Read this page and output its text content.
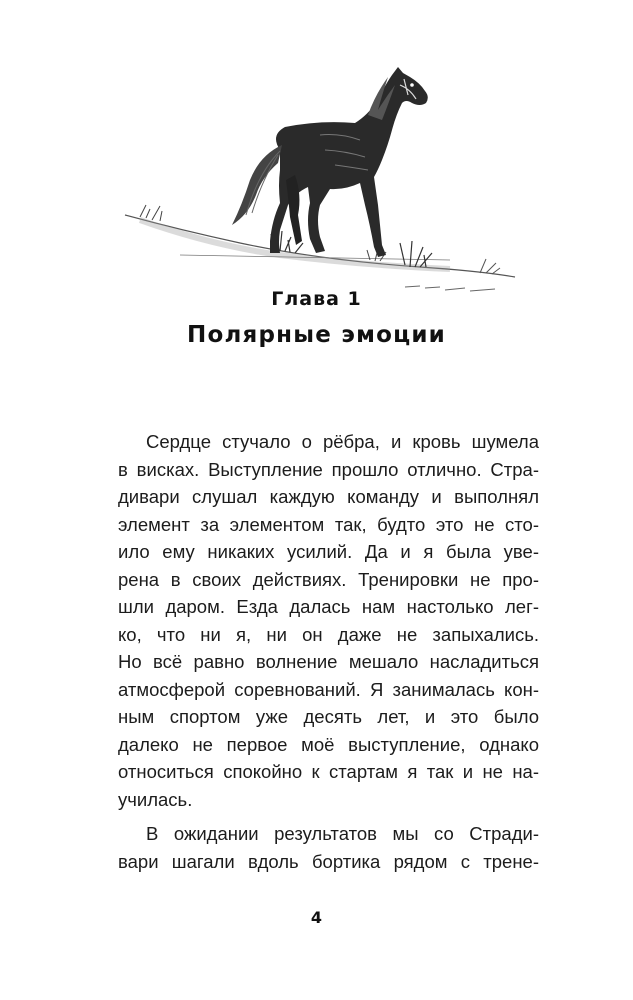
Глава 1
Полярные эмоции
Сердце стучало о рёбра, и кровь шумела
в висках. Выступление прошло отлично. Стра-
дивари слушал каждую команду и выполнял
элемент за элементом так, будто это не сто-
ило ему никаких усилий. Да и я была уве-
рена в своих действиях. Тренировки не про-
шли даром. Езда далась нам настолько лег-
ко, что ни я, ни он даже не запыхались.
Но всё равно волнение мешало насладиться
атмосферой соревнований. Я занималась кон-
ным спортом уже десять лет, и это было
далеко не первое моё выступление, однако
относиться спокойно к стартам я так и не на-
училась.
В ожидании результатов мы со Стради-
вари шагали вдоль бортика рядом с трене-
4
